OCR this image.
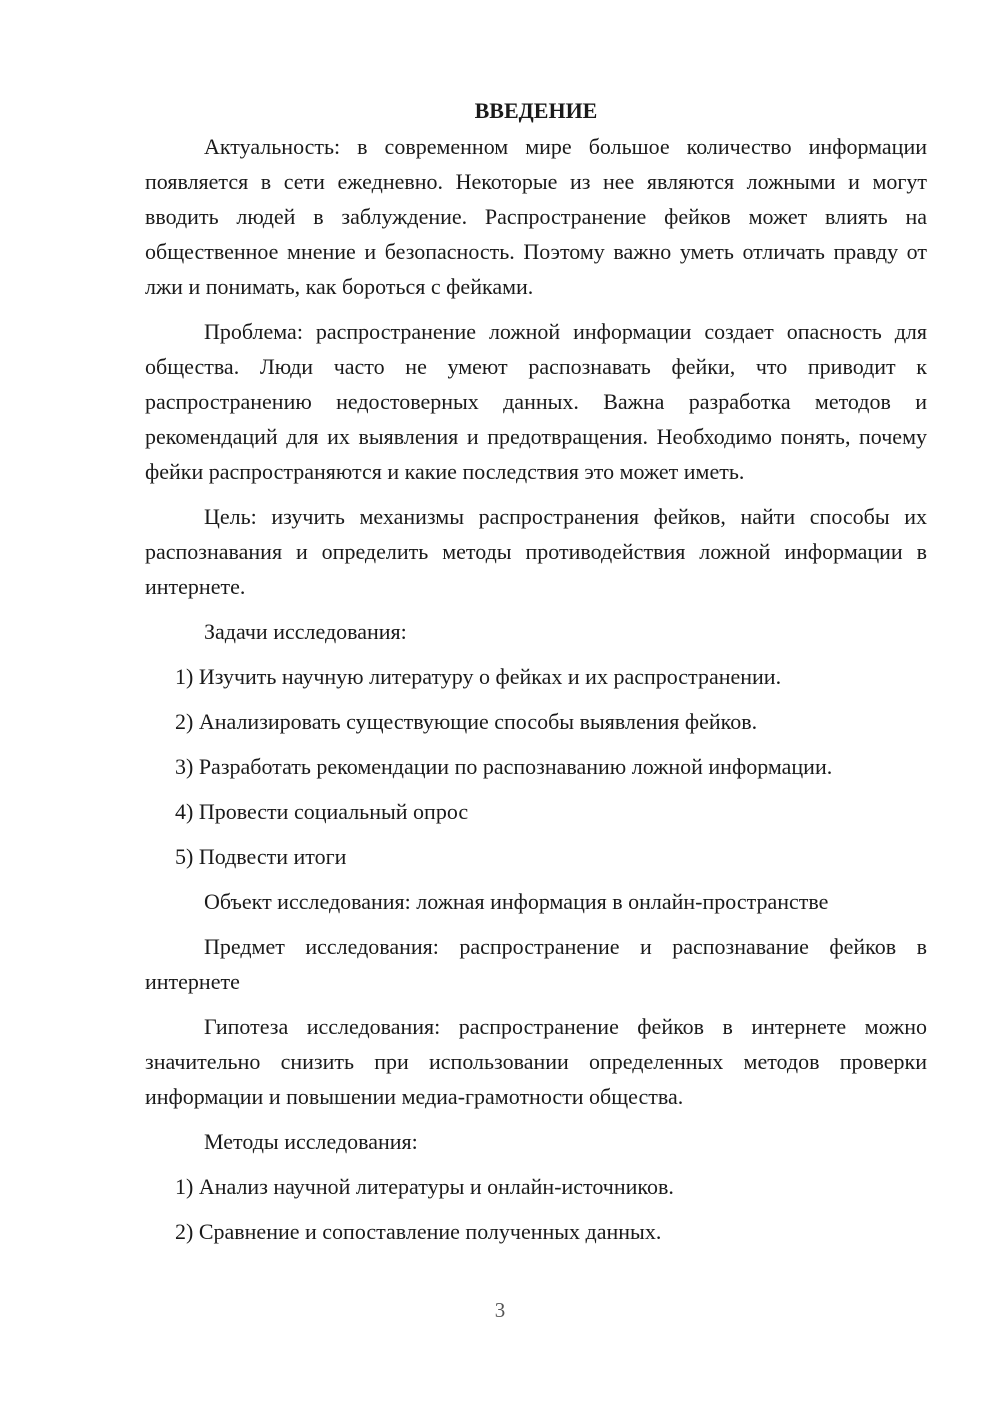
ВВЕДЕНИЕ

Актуальность: в современном мире большое количество информации появляется в сети ежедневно. Некоторые из нее являются ложными и могут вводить людей в заблуждение. Распространение фейков может влиять на общественное мнение и безопасность. Поэтому важно уметь отличать правду от лжи и понимать, как бороться с фейками.

Проблема: распространение ложной информации создает опасность для общества. Люди часто не умеют распознавать фейки, что приводит к распространению недостоверных данных. Важна разработка методов и рекомендаций для их выявления и предотвращения. Необходимо понять, почему фейки распространяются и какие последствия это может иметь.

Цель: изучить механизмы распространения фейков, найти способы их распознавания и определить методы противодействия ложной информации в интернете.

Задачи исследования:

1) Изучить научную литературу о фейках и их распространении.
2) Анализировать существующие способы выявления фейков.
3) Разработать рекомендации по распознаванию ложной информации.
4) Провести социальный опрос
5) Подвести итоги

Объект исследования: ложная информация в онлайн-пространстве

Предмет исследования: распространение и распознавание фейков в интернете

Гипотеза исследования: распространение фейков в интернете можно значительно снизить при использовании определенных методов проверки информации и повышении медиа-грамотности общества.

Методы исследования:

1) Анализ научной литературы и онлайн-источников.
2) Сравнение и сопоставление полученных данных.
3
